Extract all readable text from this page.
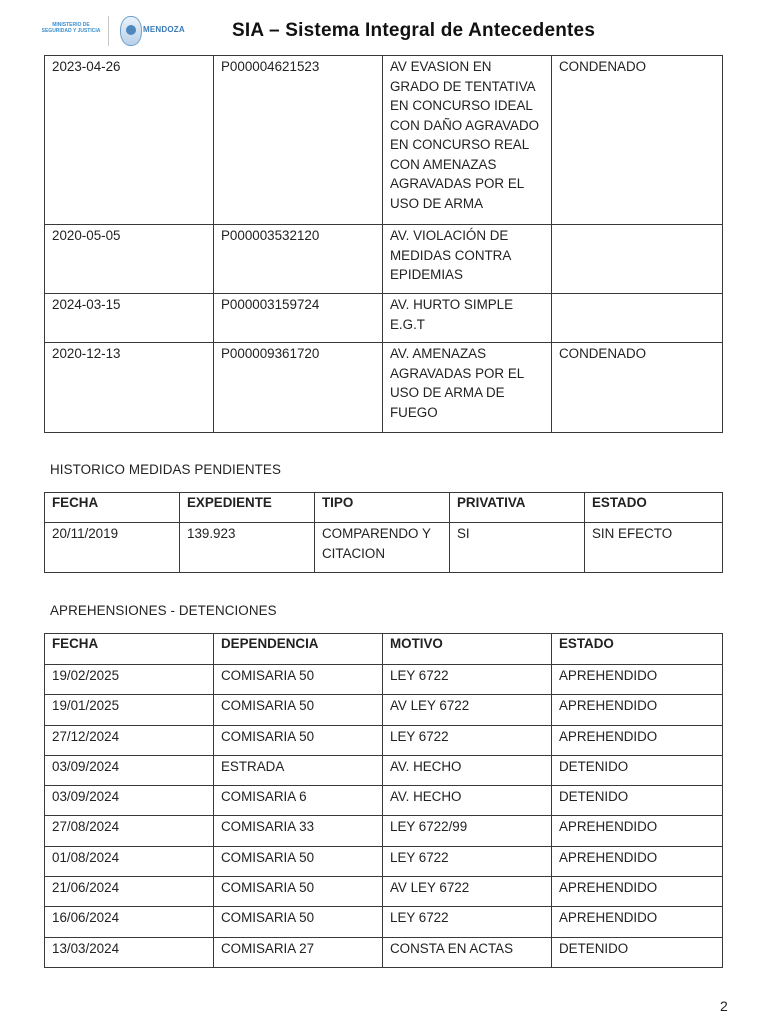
MINISTERIO DE SEGURIDAD Y JUSTICIA	MENDOZA SIA – Sistema Integral de Antecedentes
2023-04-26	P000004621523	AV EVASION EN GRADO DE TENTATIVA EN CONCURSO IDEAL CON DAÑO AGRAVADO EN CONCURSO REAL CON AMENAZAS AGRAVADAS POR EL USO DE ARMA	CONDENADO
2020-05-05	P000003532120	AV. VIOLACIÓN DE MEDIDAS CONTRA EPIDEMIAS	
2024-03-15	P000003159724	AV. HURTO SIMPLE E.G.T	
2020-12-13	P000009361720	AV. AMENAZAS AGRAVADAS POR EL USO DE ARMA DE FUEGO	CONDENADO
HISTORICO MEDIDAS PENDIENTES
FECHA	EXPEDIENTE	TIPO	PRIVATIVA	ESTADO
20/11/2019	139.923	COMPARENDO Y CITACION	SI	SIN EFECTO
APREHENSIONES - DETENCIONES
FECHA	DEPENDENCIA	MOTIVO	ESTADO
19/02/2025	COMISARIA 50	LEY 6722	APREHENDIDO
19/01/2025	COMISARIA 50	AV LEY 6722	APREHENDIDO
27/12/2024	COMISARIA 50	LEY 6722	APREHENDIDO
03/09/2024	ESTRADA	AV. HECHO	DETENIDO
03/09/2024	COMISARIA 6	AV. HECHO	DETENIDO
27/08/2024	COMISARIA 33	LEY 6722/99	APREHENDIDO
01/08/2024	COMISARIA 50	LEY 6722	APREHENDIDO
21/06/2024	COMISARIA 50	AV LEY 6722	APREHENDIDO
16/06/2024	COMISARIA 50	LEY 6722	APREHENDIDO
13/03/2024	COMISARIA 27	CONSTA EN ACTAS	DETENIDO
2
